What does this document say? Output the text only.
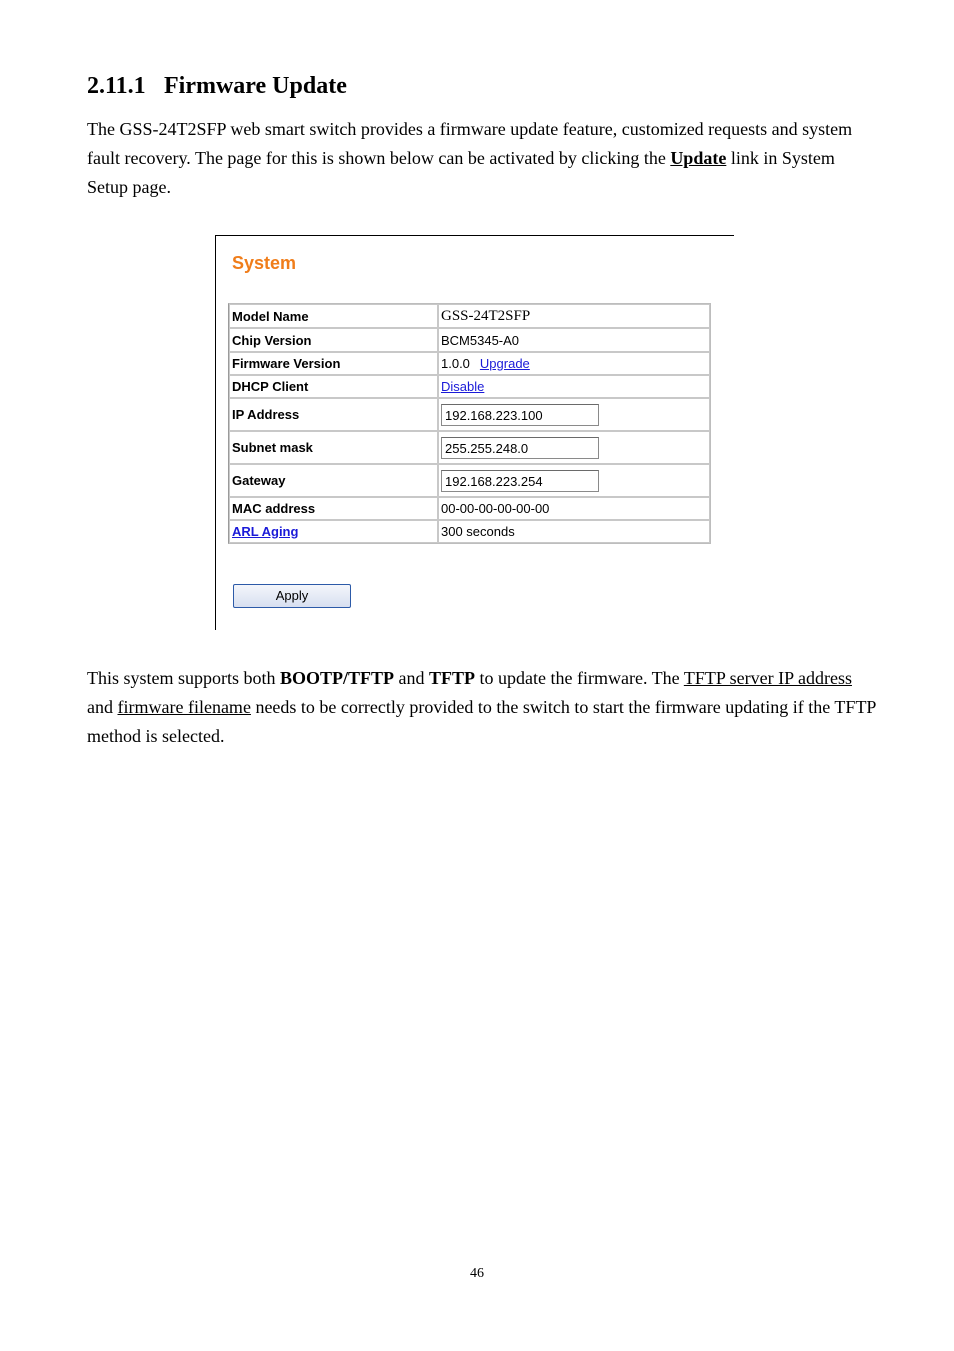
2.11.1 Firmware Update

The GSS-24T2SFP web smart switch provides a firmware update feature, customized requests and system fault recovery. The page for this is shown below can be activated by clicking the Update link in System Setup page.

System
Model Name	GSS-24T2SFP
Chip Version	BCM5345-A0
Firmware Version	1.0.0 Upgrade
DHCP Client	Disable
IP Address	192.168.223.100
Subnet mask	255.255.248.0
Gateway	192.168.223.254
MAC address	00-00-00-00-00-00
ARL Aging	300 seconds
Apply

This system supports both BOOTP/TFTP and TFTP to update the firmware. The TFTP server IP address and firmware filename needs to be correctly provided to the switch to start the firmware updating if the TFTP method is selected.

46
